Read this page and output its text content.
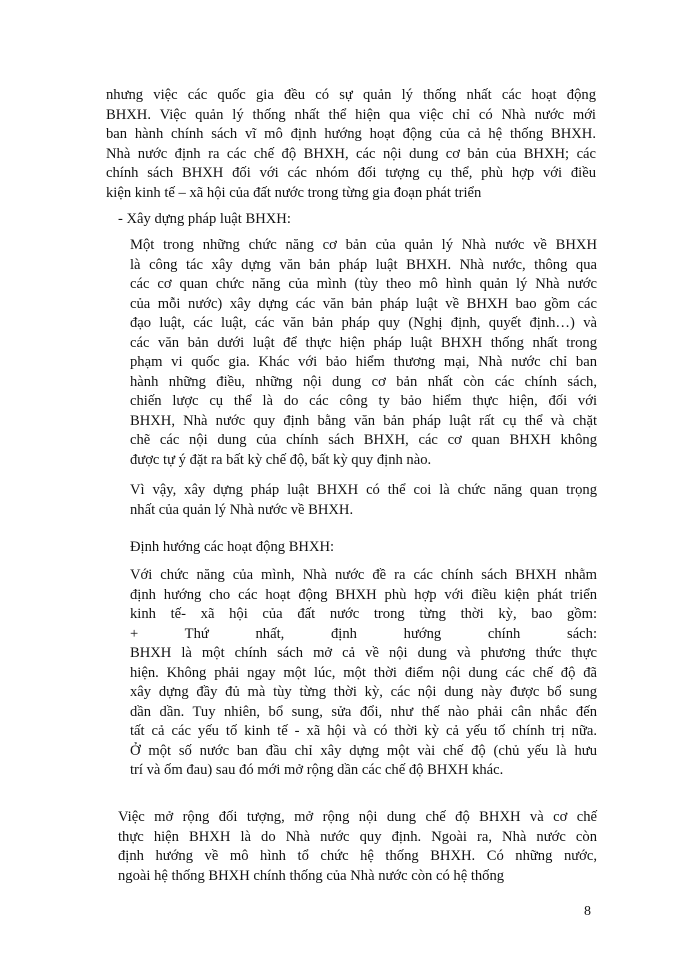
nhưng việc các quốc gia đều có sự quản lý thống nhất các hoạt động
BHXH. Việc quản lý thống nhất thể hiện qua việc chỉ có Nhà nước mới
ban hành chính sách vĩ mô định hướng hoạt động của cả hệ thống BHXH.
Nhà nước định ra các chế độ BHXH, các nội dung cơ bản của BHXH; các
chính sách BHXH đối với các nhóm đối tượng cụ thể, phù hợp với điều
kiện kinh tế – xã hội của đất nước trong từng gia đoạn phát triển
- Xây dựng pháp luật BHXH:
Một trong những chức năng cơ bản của quản lý Nhà nước về BHXH
là công tác xây dựng văn bản pháp luật BHXH. Nhà nước, thông qua
các cơ quan chức năng của mình (tùy theo mô hình quản lý Nhà nước
của mỗi nước) xây dựng các văn bản pháp luật về BHXH bao gồm các
đạo luật, các luật, các văn bản pháp quy (Nghị định, quyết định…) và
các văn bản dưới luật để thực hiện pháp luật BHXH thống nhất trong
phạm vi quốc gia. Khác với bảo hiểm thương mại, Nhà nước chỉ ban
hành những điều, những nội dung cơ bản nhất còn các chính sách,
chiến lược cụ thể là do các công ty bảo hiểm thực hiện, đối với
BHXH, Nhà nước quy định bằng văn bản pháp luật rất cụ thể và chặt
chẽ các nội dung của chính sách BHXH, các cơ quan BHXH không
được tự ý đặt ra bất kỳ chế độ, bất kỳ quy định nào.
Vì vậy, xây dựng pháp luật BHXH có thể coi là chức năng quan trọng
nhất của quản lý Nhà nước về BHXH.
Định hướng các hoạt động BHXH:
Với chức năng của mình, Nhà nước đề ra các chính sách BHXH nhằm
định hướng cho các hoạt động BHXH phù hợp với điều kiện phát triển
kinh tế- xã hội của đất nước trong từng thời kỳ, bao gồm:
+ Thứ nhất, định hướng chính sách:
BHXH là một chính sách mở cả về nội dung và phương thức thực
hiện. Không phải ngay một lúc, một thời điểm nội dung các chế độ đã
xây dựng đầy đủ mà tùy từng thời kỳ, các nội dung này được bổ sung
dần dần. Tuy nhiên, bổ sung, sửa đổi, như thế nào phải cân nhắc đến
tất cả các yếu tố kinh tế - xã hội và có thời kỳ cả yếu tố chính trị nữa.
Ở một số nước ban đầu chỉ xây dựng một vài chế độ (chủ yếu là hưu
trí và ốm đau) sau đó mới mở rộng dần các chế độ BHXH khác.
Việc mở rộng đối tượng, mở rộng nội dung chế độ BHXH và cơ chế
thực hiện BHXH là do Nhà nước quy định. Ngoài ra, Nhà nước còn
định hướng về mô hình tổ chức hệ thống BHXH. Có những nước,
ngoài hệ thống BHXH chính thống của Nhà nước còn có hệ thống
8
